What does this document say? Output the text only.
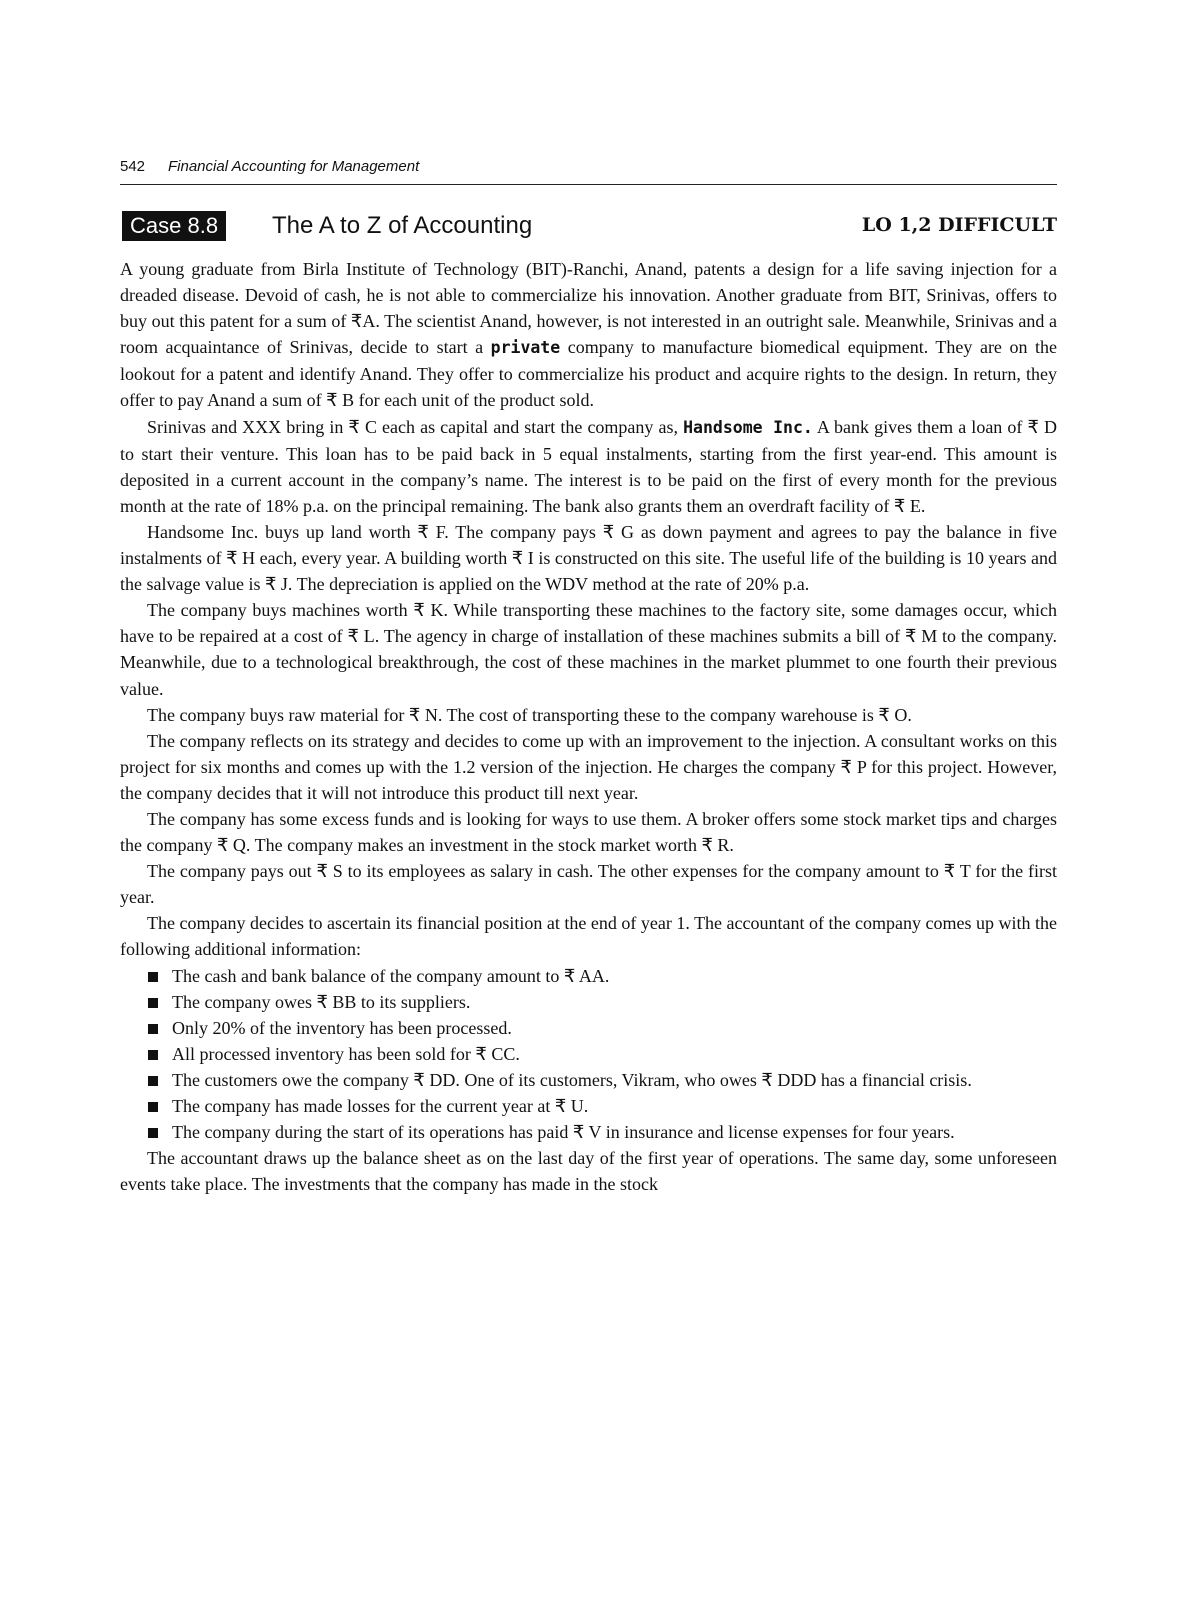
542 Financial Accounting for Management
Case 8.8	The A to Z of Accounting	LO 1,2 DIFFICULT

A young graduate from Birla Institute of Technology (BIT)-Ranchi, Anand, patents a design for a life saving injection for a dreaded disease. Devoid of cash, he is not able to commercialize his innovation. Another graduate from BIT, Srinivas, offers to buy out this patent for a sum of ₹A. The scientist Anand, however, is not interested in an outright sale. Meanwhile, Srinivas and a room acquaintance of Srinivas, decide to start a private company to manufacture biomedical equipment. They are on the lookout for a patent and identify Anand. They offer to commercialize his product and acquire rights to the design. In return, they offer to pay Anand a sum of ₹ B for each unit of the product sold.

Srinivas and XXX bring in ₹ C each as capital and start the company as, Handsome Inc. A bank gives them a loan of ₹ D to start their venture. This loan has to be paid back in 5 equal instalments, starting from the first year-end. This amount is deposited in a current account in the company’s name. The interest is to be paid on the first of every month for the previous month at the rate of 18% p.a. on the principal remaining. The bank also grants them an overdraft facility of ₹ E.

Handsome Inc. buys up land worth ₹ F. The company pays ₹ G as down payment and agrees to pay the balance in five instalments of ₹ H each, every year. A building worth ₹ I is constructed on this site. The useful life of the building is 10 years and the salvage value is ₹ J. The depreciation is applied on the WDV method at the rate of 20% p.a.

The company buys machines worth ₹ K. While transporting these machines to the factory site, some damages occur, which have to be repaired at a cost of ₹ L. The agency in charge of installation of these machines submits a bill of ₹ M to the company. Meanwhile, due to a technological breakthrough, the cost of these machines in the market plummet to one fourth their previous value.

The company buys raw material for ₹ N. The cost of transporting these to the company warehouse is ₹ O.

The company reflects on its strategy and decides to come up with an improvement to the injection. A consultant works on this project for six months and comes up with the 1.2 version of the injection. He charges the company ₹ P for this project. However, the company decides that it will not introduce this product till next year.

The company has some excess funds and is looking for ways to use them. A broker offers some stock market tips and charges the company ₹ Q. The company makes an investment in the stock market worth ₹ R.

The company pays out ₹ S to its employees as salary in cash. The other expenses for the company amount to ₹ T for the first year.

The company decides to ascertain its financial position at the end of year 1. The accountant of the company comes up with the following additional information:

The cash and bank balance of the company amount to ₹ AA.
The company owes ₹ BB to its suppliers.
Only 20% of the inventory has been processed.
All processed inventory has been sold for ₹ CC.
The customers owe the company ₹ DD. One of its customers, Vikram, who owes ₹ DDD has a financial crisis.
The company has made losses for the current year at ₹ U.
The company during the start of its operations has paid ₹ V in insurance and license expenses for four years.

The accountant draws up the balance sheet as on the last day of the first year of operations. The same day, some unforeseen events take place. The investments that the company has made in the stock
